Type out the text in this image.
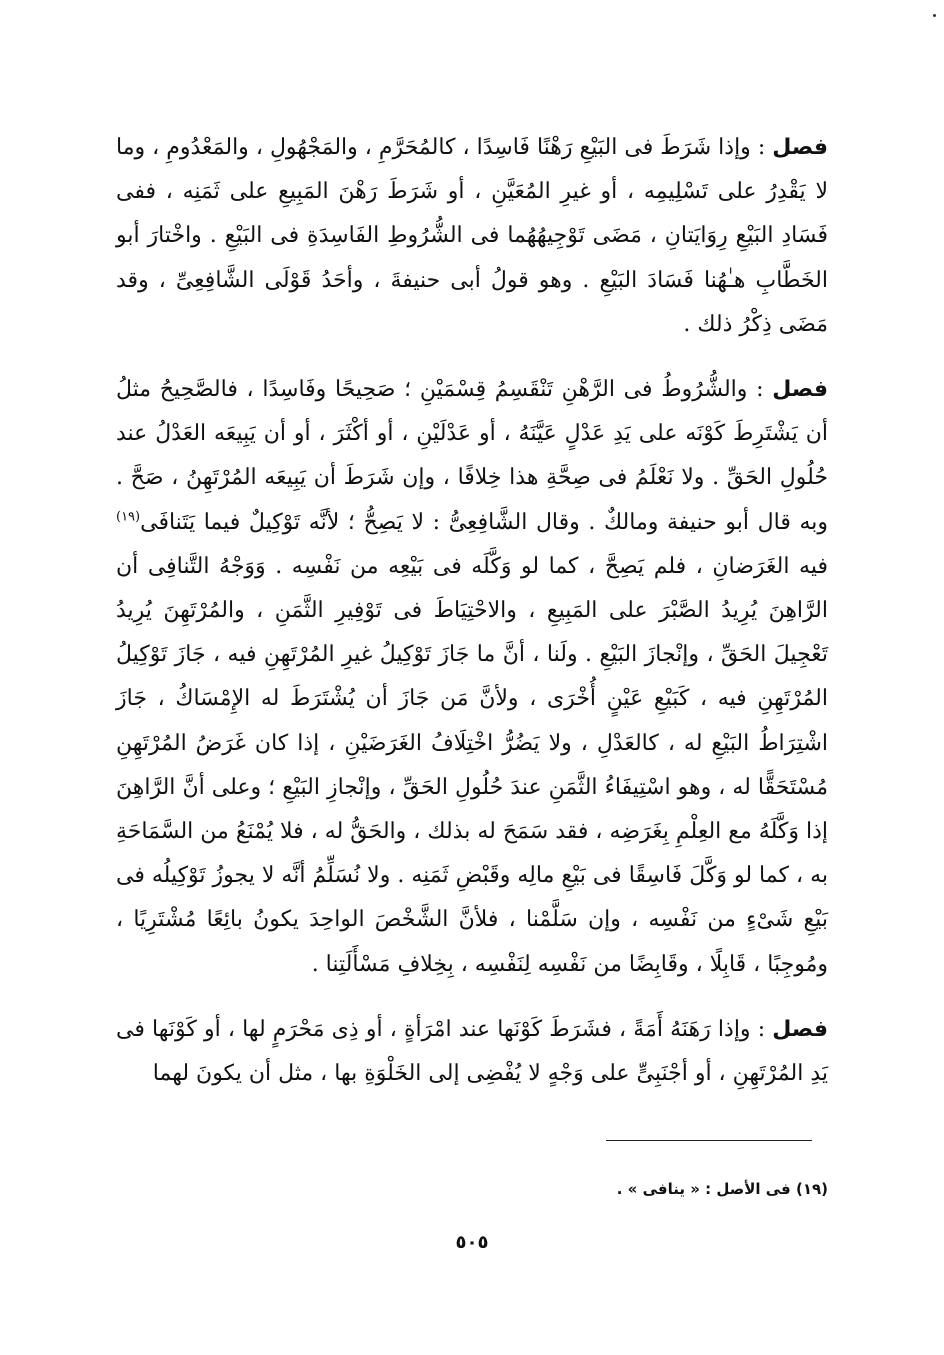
فصل : وإذا شَرَطَ فى البَيْعِ رَهْنًا فَاسِدًا ، كالمُحَرَّمِ ، والمَجْهُولِ ، والمَعْدُومِ ، وما لا يَقْدِرُ على تَسْلِيمِه ، أو غيرِ المُعَيَّنِ ، أو شَرَطَ رَهْنَ المَبِيعِ على ثَمَنِه ، ففى فَسَادِ البَيْعِ رِوَايَتانِ ، مَضَى تَوْجِيهُهُما فى الشُّرُوطِ الفَاسِدَةِ فى البَيْعِ . واخْتارَ أبو الخَطَّابِ هـٰهُنا فَسَادَ البَيْعِ . وهو قولُ أبى حنيفةَ ، وأحَدُ قَوْلَى الشَّافِعِىِّ ، وقد مَضَى ذِكْرُ ذلك .

فصل : والشُّرُوطُ فى الرَّهْنِ تَنْقَسِمُ قِسْمَيْنِ ؛ صَحِيحًا وفَاسِدًا ، فالصَّحِيحُ مثلُ أن يَشْتَرِطَ كَوْنَه على يَدِ عَدْلٍ عَيَّنَهُ ، أو عَدْلَيْنِ ، أو أكْثَرَ ، أو أن يَبِيعَه العَدْلُ عند حُلُولِ الحَقِّ . ولا نَعْلَمُ فى صِحَّةِ هذا خِلافًا ، وإن شَرَطَ أن يَبِيعَه المُرْتَهِنُ ، صَحَّ . وبه قال أبو حنيفة ومالكٌ . وقال الشَّافِعِىُّ : لا يَصِحُّ ؛ لأنَّه تَوْكِيلٌ فيما يَتَنافَى$^{(١٩)}$ فيه الغَرَضانِ ، فلم يَصِحَّ ، كما لو وَكَّلَه فى بَيْعِه من نَفْسِه . وَوَجْهُ التَّنافِى أن الرَّاهِنَ يُرِيدُ الصَّبْرَ على المَبِيعِ ، والاحْتِيَاطَ فى تَوْفِيرِ الثَّمَنِ ، والمُرْتَهِنَ يُرِيدُ تَعْجِيلَ الحَقِّ ، وإنْجازَ البَيْعِ . ولَنا ، أنَّ ما جَازَ تَوْكِيلُ غيرِ المُرْتَهِنِ فيه ، جَازَ تَوْكِيلُ المُرْتَهِنِ فيه ، كَبَيْعِ عَيْنٍ أُخْرَى ، ولأنَّ مَن جَازَ أن يُشْتَرَطَ له الإِمْسَاكُ ، جَازَ اشْتِرَاطُ البَيْعِ له ، كالعَدْلِ ، ولا يَضُرُّ اخْتِلَافُ الغَرَضَيْنِ ، إذا كان غَرَضُ المُرْتَهِنِ مُسْتَحَقًّا له ، وهو اسْتِيفَاءُ الثَّمَنِ عندَ حُلُولِ الحَقِّ ، وإنْجازِ البَيْعِ ؛ وعلى أنَّ الرَّاهِنَ إذا وَكَّلَهُ مع العِلْمِ بِغَرَضِه ، فقد سَمَحَ له بذلك ، والحَقُّ له ، فلا يُمْنَعُ من السَّمَاحَةِ به ، كما لو وَكَّلَ فَاسِقًا فى بَيْعِ مالِه وقَبْضِ ثَمَنِه . ولا نُسَلِّمُ أنَّه لا يجوزُ تَوْكِيلُه فى بَيْعِ شَىْءٍ من نَفْسِه ، وإن سَلَّمْنا ، فلأنَّ الشَّخْصَ الواحِدَ يكونُ بائِعًا مُشْتَرِيًا ، ومُوجِبًا ، قَابِلًا ، وقَابِضًا من نَفْسِه لِنَفْسِه ، بِخِلافِ مَسْأَلَتِنا .

فصل : وإذا رَهَنَهُ أَمَةً ، فشَرَطَ كَوْنَها عند امْرَأةٍ ، أو ذِى مَحْرَمٍ لها ، أو كَوْنَها فى يَدِ المُرْتَهِنِ ، أو أجْنَبِىٍّ على وَجْهٍ لا يُفْضِى إلى الخَلْوَةِ بها ، مثل أن يكونَ لهما

(١٩) فى الأصل : « ينافى » .
٥٠٥
